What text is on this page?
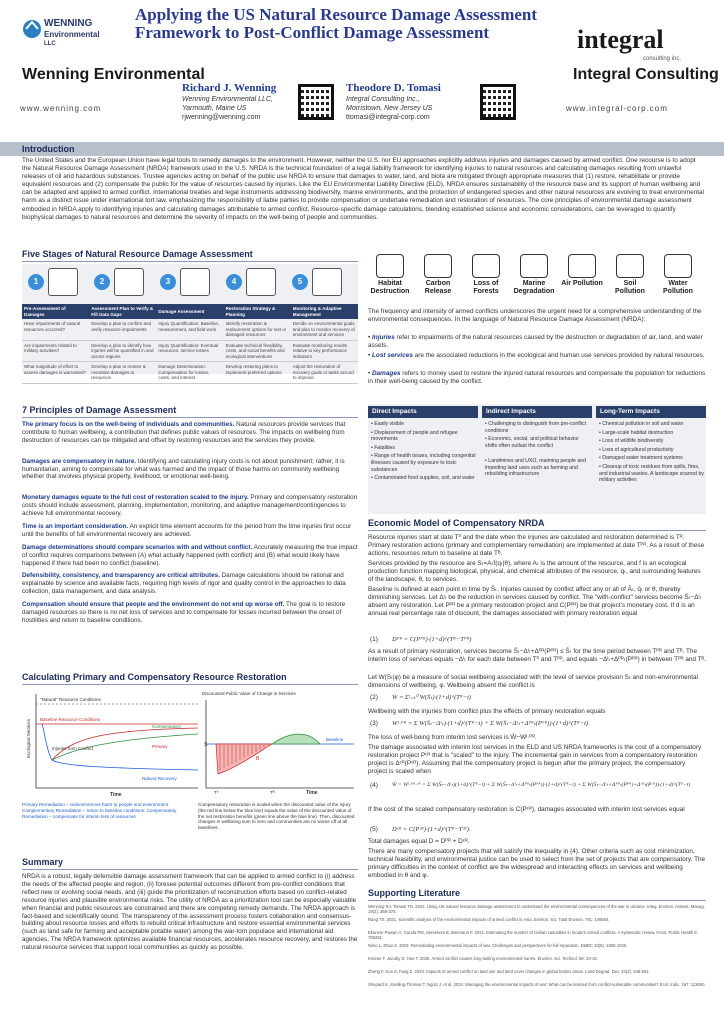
WENNING
Environmental
LLC
Wenning Environmental
www.wenning.com
Applying the US Natural Resource Damage Assessment Framework to Post-Conflict Damage Assessment
Richard J. Wenning
Wenning Environmental LLC,
Yarmouth, Maine US
rjwenning@wenning.com
Theodore D. Tomasi
Integral Consulting Inc.,
Morristown, New Jersey US
ttomasi@integral-corp.com
integral
consulting inc.
Integral Consulting
www.integral-corp.com
Introduction
The United States and the European Union have legal tools to remedy damages to the environment. However, neither the U.S. nor EU approaches explicitly address injuries and damages caused by armed conflict. One recourse is to adopt the Natural Resource Damage Assessment (NRDA) framework used in the U.S. NRDA is the technical foundation of a legal liability framework for identifying injuries to natural resources and calculating damages resulting from unlawful releases of oil and hazardous substances. Trustee agencies acting on behalf of the public use NRDA to ensure that damages to water, land, and biota are mitigated through appropriate measures that (1) restore, rehabilitate or provide equivalent resources and (2) compensate the public for the value of resources caused by injuries. Like the EU Environmental Liability Directive (ELD), NRDA ensures sustainability of the resource base and its support of human wellbeing and can be adapted and applied to armed conflict. International treaties and legal instruments addressing biodiversity, marine environments, and the protection of endangered species and other natural resources are evolving to treat environmental harm as a distinct issue under international tort law, emphasizing the responsibility of liable parties to provide compensation or undertake remediation and restoration of resources. The core principles of environmental damage assessment embodied in NRDA apply to identifying injuries and calculating damages attributable to armed conflict. Resource-specific damage calculations, blending established science and economic considerations, can be leveraged to quantify biophysical damages to natural resources and determine the severity of impacts on the well-being of people and communities.
Five Stages of Natural Resource Damage Assessment
1	2	3	4	5
Pre-Assessment of Damages	Assessment Plan to Verify & Fill Data Gaps	Damage Assessment	Restoration Strategy & Planning	Monitoring & Adaptive Management
Have impairments of natural resources occurred?	Develop a plan to confirm and verify resource impairments	Injury Quantification: Baseline, measurement, and field work	Identify restoration & replacement options for lost or damaged resources	Decide on environmental goals and plan to monitor recovery of environment and services
Are impairments related to military activities?	Develop a plan to identify how injuries will be quantified in and across regions	Injury Quantification: Eventual resources, service losses	Evaluate technical feasibility, costs, and social benefits and ecological interventions	Evaluate monitoring results relative to key performance indicators
What magnitude of effort to assess damages is warranted?	Develop a plan to restore & monetize damages to resources	Damage Determination: Compensation for losses, costs, and interest	Develop restoring plans to implement preferred options	Adjust the restoration of recovery goals or tasks accord to improve
Habitat Destruction
Carbon Release
Loss of Forests
Marine Degradation
Air Pollution	Soil Pollution
Water Pollution
The frequency and intensity of armed conflicts underscores the urgent need for a comprehensive understanding of the environmental consequences. In the language of Natural Resource Damage Assessment (NRDA):
• Injuries refer to impairments of the natural resources caused by the destruction or degradation of air, land, and water assets.
• Lost services are the associated reductions in the ecological and human use services provided by natural resources.
• Damages refers to money used to restore the injured natural resources and compensate the population for reductions in their well-being caused by the conflict.
Direct Impacts	Indirect Impacts	Long-Term Impacts
• Easily visible
• Displacement of people and refugee movements
• Fatalities
• Range of health issues, including congenital illnesses caused by exposure to toxic substances
• Contaminated food supplies, soil, and water
• Challenging to distinguish from pre-conflict conditions
• Economic, social, and political behavior shifts often outlast the conflict
• Landmines and UXO, maiming people and impeding land uses such as farming and rebuilding infrastructure
• Chemical pollution in soil and water
• Large-scale habitat destruction
• Loss of wildlife biodiversity
• Loss of agricultural productivity
• Damaged water treatment systems
• Cleanup of toxic residues from spills, fires, and industrial wastes. A landscape scarred by military activities
7 Principles of Damage Assessment
The primary focus is on the well-being of individuals and communities. Natural resources provide services that contribute to human wellbeing, a contribution that defines public values of resources. The impacts on wellbeing from destruction of resources can be mitigated and offset by restoring resources and the services they provide.
Damages are compensatory in nature. Identifying and calculating injury costs is not about punishment; rather, it is humanitarian, aiming to compensate for what was harmed and the impact of those harms on community wellbeing whether that involves physical property, livelihood, or emotional well-being.
Monetary damages equate to the full cost of restoration scaled to the injury. Primary and compensatory restoration costs should include assessment, planning, implementation, monitoring, and adaptive management/contingencies to achieve full environmental recovery.
Time is an important consideration. An explicit time element accounts for the period from the time injuries first occur until the benefits of full environmental recovery are achieved.
Damage determinations should compare scenarios with and without conflict. Accurately measuring the true impact of conflict requires comparisons between (A) what actually happened (with conflict) and (B) what would likely have happened if there had been no conflict (baseline).
Defensibility, consistency, and transparency are critical attributes. Damage calculations should be rational and explainable by science and available facts, requiring high levels of rigor and quality control in the approaches to data collection, data management, and data analysis.
Compensation should ensure that people and the environment do not end up worse off. The goal is to restore damaged resources so there is no net loss of services and to compensate for losses incurred between the onset of hostilities and return to baseline conditions.
Calculating Primary and Compensatory Resource Restoration
"Natural" Resource Conditions
Baseline Resource Conditions
Injuries from Conflict
Compensatory
Primary
Natural Recovery
Ecological Services
Time
Discounted Public Value of Change in Services
Baseline
S
B
T⁰	Tᴿ	Time
Primary Remediation – reduce/remove harm to people and environment. Complementary Remediation – return to baseline conditions. Compensatory Remediation – compensate for interim loss of resources
Compensatory restoration is scaled when the discounted value of the injury (the red line below the blue line) equals the value of the discounted value of the net restoration benefits (green line above the blue line). Then, discounted changes in wellbeing sum to zero and communities are no worse off at all baselines.
Summary
NRDA is a robust, legally defensible damage assessment framework that can be applied to armed conflict to (i) address the needs of the affected people and region, (ii) foresee potential outcomes different from pre-conflict conditions that reflect new or evolving social needs, and (iii) guide the prioritization of reconstruction efforts based on conflict-related resource injuries and plausible environmental risks. The utility of NRDA as a prioritization tool can be especially valuable when financial and public resources are constrained and there are competing remedy demands. The NRDA approach is fact-based and scientifically sound. The transparency of the assessment process fosters collaboration and consensus-building about resource losses and efforts to rebuild critical infrastructure and restore essential environmental services (such as land safe for farming and acceptable potable water) among the war-torn populace and international aid agencies. The NRDA framework optimizes available financial resources, accelerates resource recovery, and restores the natural resource services that support local communities as quickly as possible.
Economic Model of Compensatory NRDA
Resource injuries start at date T⁰ and the date when the injuries are calculated and restoration determined is Tᴿ. Primary restoration actions (primary and complementary remediation) are implemented at date Tᴾᴿ. As a result of these actions, resources return to baseline at date Tᴮ.
Services provided by the resource are Sₜ=Aₜf(qₜ|θ), where Aₜ is the amount of the resource, and f is an ecological production function mapping biological, physical, and chemical attributes of the resource, qₜ, and surrounding features of the landscape, θ, to services.
Baseline is defined at each point in time by S̄ₜ. Injuries caused by conflict affect any or all of Āₜ, q̄ₜ or θ, thereby diminishing services. Let Δᴵₜ be the reduction in services caused by conflict. The "with-conflict" services become S̄ₜ−Δᴵₜ absent any restoration. Let Pᴾᴿ be a primary restoration project and C(Pᴾᴿ) be that project's monetary cost. If d is an annual real percentage rate of discount, the damages associated with primary restoration equal
(1) Dᴾᴿ = C(Pᴾᴿ)·(1+d)^(Tᴿ−Tᴾᴿ)
As a result of primary restoration, services become S̄ₜ−Δᴵₜ+Δᴾᴿ(Pᴾᴿ) ≤ S̄ₜ for the time period between Tᴾᴿ and Tᴮ. The interim loss of services equals −Δᴵₜ for each date between T⁰ and Tᴾᴿ, and equals −Δᴵₜ+Δᴾᴿₜ(Pᴾᴿ) in between Tᴾᴿ and Tᴮ.
Let W(Sₜ|φ) be a measure of social wellbeing associated with the level of service provision Sₜ and non-environmental dimensions of wellbeing, φ. Wellbeing absent the conflict is
(2) W̄ = Σᵗ₌ₜ⁰ W(S̄ₜ)·(1+d)^(Tᴿ−t)
Wellbeing with the injuries from conflict plus the effects of primary restoration equals
(3) Wᴵ·ᴾᴿ = Σ W(S̄ₜ−Δᴵₜ)·(1+d)^(Tᴿ−t) + Σ W(S̄ₜ−Δᴵₜ+Δᴾᴿₜ(Pᴾᴿ))·(1+d)^(Tᴿ−t)
The loss of well-being from interim lost services is W̄−Wᴵ·ᴾᴿ.
The damage associated with interim lost services in the ELD and US NRDA frameworks is the cost of a compensatory restoration project Pᶜᴿ that is "scaled" to the injury. The incremental gain in services from a compensatory restoration project is Δᶜᴿ(Pᶜᴿ). Assuming that the compensatory project is begun after the primary project, the compensatory project is scaled when
(4)	W̄ = Wᴵ·ᴾᴿ·ᶜᴿ = Σ W(S̄ₜ−Δᴵₜ)(1+d)^(Tᴿ−t) + Σ W(S̄ₜ−Δᴵₜ+Δᴾᴿₜ(Pᴾᴿ))·(1+d)^(Tᴿ−t) + Σ W(S̄ₜ−Δᴵₜ+Δᴾᴿₜ(Pᴾᴿ)+Δᶜᴿₜ(Pᶜᴿ))·(1+d)^(Tᴿ−t)
If the cost of the scaled compensatory restoration is C(Pᶜᴿ), damages associated with interim lost services equal
(5) Dᶜᴿ = C(Pᶜᴿ)·(1+d)^(Tᴿ−Tᶜᴿ).
Total damages equal D = Dᴾᴿ + Dᶜᴿ.
There are many compensatory projects that will satisfy the inequality in (4). Other criteria such as cost minimization, technical feasibility, and environmental justice can be used to select from the set of projects that are compensatory. The primary difficulties in the context of conflict are the widespread and interacting effects on services and wellbeing embodied in θ and φ.
Supporting Literature
Wenning RJ, Tomasi TD. 2022. Using US natural resource damage assessment to understand the environmental consequences of the war in Ukraine. Integ. Environ. Assess. Manag. 19(2): 366-375.
Rang TS. 2021. Scientific analysis of the environmental impacts of armed conflict in Asia. Environ. Sci. Total Environ. 781: 146684.
Ekanem-Pawan A, Gunda PM, Sereelova B, Biermann F. 2021. Estimating the number of civilian casualties in modern armed conflicts. A systematic review. Front. Public Health 9: 765261.
Ninio L, Zhao X. 2023. Remediating environmental impacts of war. Challenges and perspectives for full reparation. EMBC 10(6): 1005-1020.
Kreiner F, Jacoby D, Hoe T. 2025. Armed conflict causes long-lasting environmental harms. Environ. Sci. Technol. 59: 10-16.
Zheng F, Kuo Z, Fang Z. 2023. Impacts of armed conflict on land use and land cover changes in global border areas. Land Degrad. Dev. 34(2): 548-561.
Shepard K, Snelling-Thomas T, Ngozi J, et al. 2024. Managing the environmental impacts of war: What can be learned from conflict-vulnerable communities? Ecol. Indic. 167: 112650.
